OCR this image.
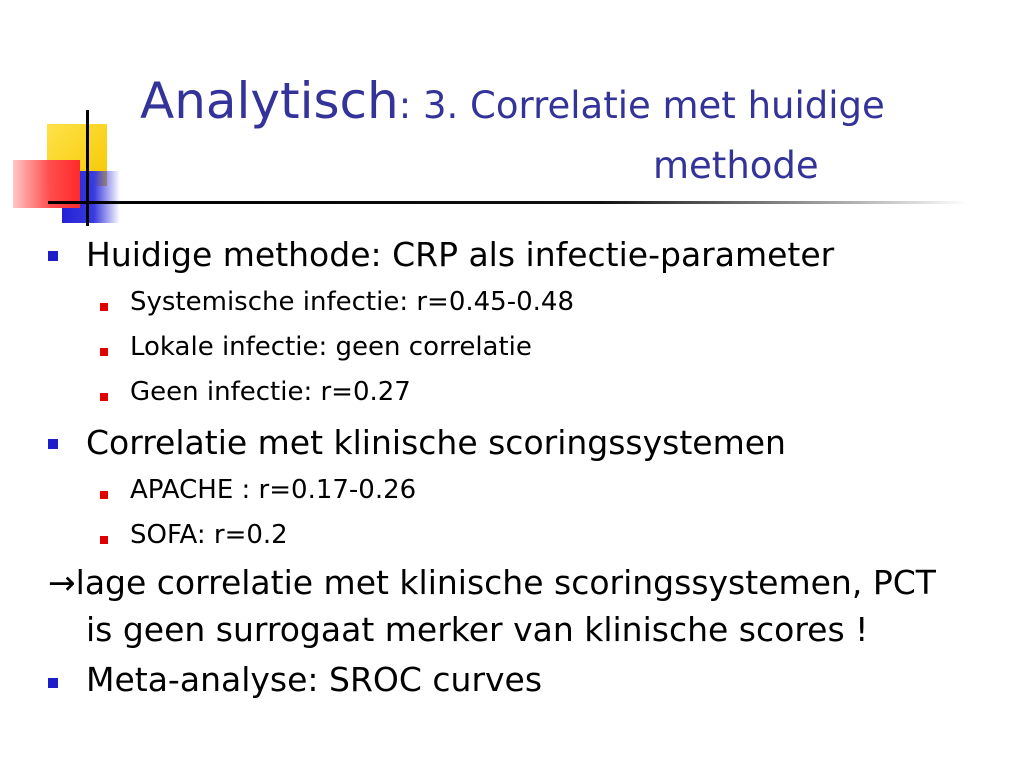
Analytisch: 3. Correlatie met huidige
methode
Huidige methode: CRP als infectie-parameter
Systemische infectie: r=0.45-0.48
Lokale infectie: geen correlatie
Geen infectie: r=0.27
Correlatie met klinische scoringssystemen
APACHE : r=0.17-0.26
SOFA: r=0.2
→lage correlatie met klinische scoringssystemen, PCT
is geen surrogaat merker van klinische scores !
Meta-analyse: SROC curves
